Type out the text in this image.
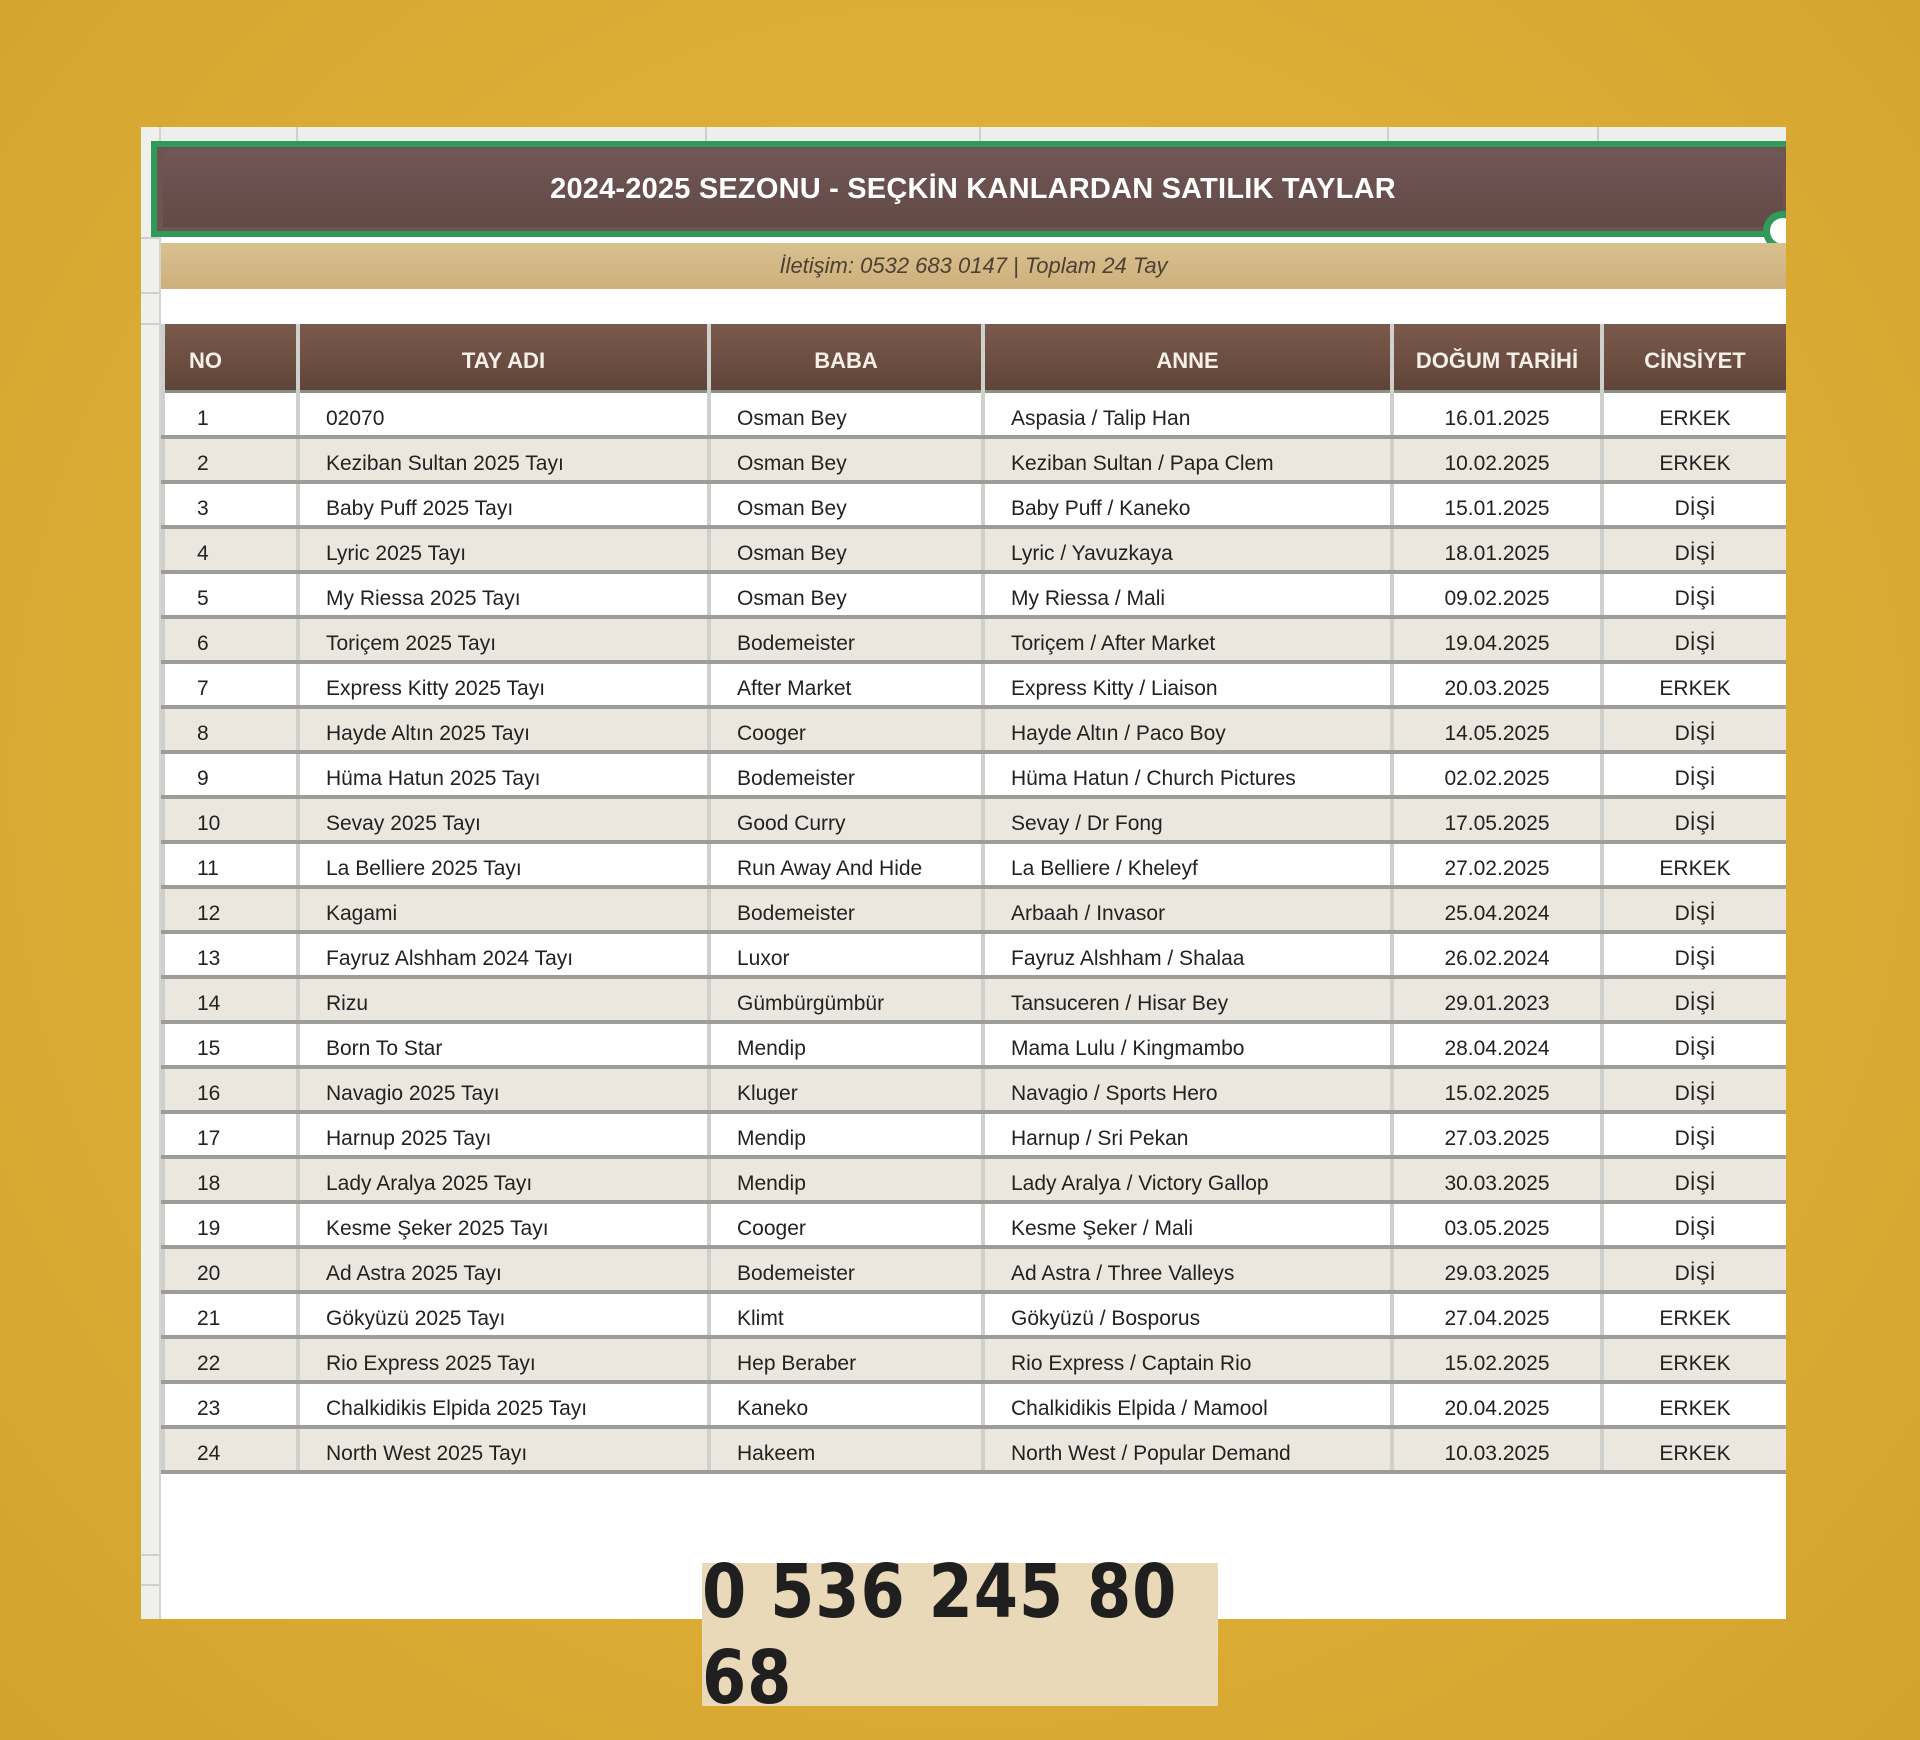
2024-2025 SEZONU - SEÇKİN KANLARDAN SATILIK TAYLAR
İletişim: 0532 683 0147 | Toplam 24 Tay
NO	TAY ADI	BABA	ANNE	DOĞUM TARİHİ	CİNSİYET
1	02070	Osman Bey	Aspasia / Talip Han	16.01.2025	ERKEK
2	Keziban Sultan 2025 Tayı	Osman Bey	Keziban Sultan / Papa Clem	10.02.2025	ERKEK
3	Baby Puff 2025 Tayı	Osman Bey	Baby Puff / Kaneko	15.01.2025	DİŞİ
4	Lyric 2025 Tayı	Osman Bey	Lyric / Yavuzkaya	18.01.2025	DİŞİ
5	My Riessa 2025 Tayı	Osman Bey	My Riessa / Mali	09.02.2025	DİŞİ
6	Toriçem 2025 Tayı	Bodemeister	Toriçem / After Market	19.04.2025	DİŞİ
7	Express Kitty 2025 Tayı	After Market	Express Kitty / Liaison	20.03.2025	ERKEK
8	Hayde Altın 2025 Tayı	Cooger	Hayde Altın / Paco Boy	14.05.2025	DİŞİ
9	Hüma Hatun 2025 Tayı	Bodemeister	Hüma Hatun / Church Pictures	02.02.2025	DİŞİ
10	Sevay 2025 Tayı	Good Curry	Sevay / Dr Fong	17.05.2025	DİŞİ
11	La Belliere 2025 Tayı	Run Away And Hide	La Belliere / Kheleyf	27.02.2025	ERKEK
12	Kagami	Bodemeister	Arbaah / Invasor	25.04.2024	DİŞİ
13	Fayruz Alshham 2024 Tayı	Luxor	Fayruz Alshham / Shalaa	26.02.2024	DİŞİ
14	Rizu	Gümbürgümbür	Tansuceren / Hisar Bey	29.01.2023	DİŞİ
15	Born To Star	Mendip	Mama Lulu / Kingmambo	28.04.2024	DİŞİ
16	Navagio 2025 Tayı	Kluger	Navagio / Sports Hero	15.02.2025	DİŞİ
17	Harnup 2025 Tayı	Mendip	Harnup / Sri Pekan	27.03.2025	DİŞİ
18	Lady Aralya 2025 Tayı	Mendip	Lady Aralya / Victory Gallop	30.03.2025	DİŞİ
19	Kesme Şeker 2025 Tayı	Cooger	Kesme Şeker / Mali	03.05.2025	DİŞİ
20	Ad Astra 2025 Tayı	Bodemeister	Ad Astra / Three Valleys	29.03.2025	DİŞİ
21	Gökyüzü 2025 Tayı	Klimt	Gökyüzü / Bosporus	27.04.2025	ERKEK
22	Rio Express 2025 Tayı	Hep Beraber	Rio Express / Captain Rio	15.02.2025	ERKEK
23	Chalkidikis Elpida 2025 Tayı	Kaneko	Chalkidikis Elpida / Mamool	20.04.2025	ERKEK
24	North West 2025 Tayı	Hakeem	North West / Popular Demand	10.03.2025	ERKEK
0 536 245 80 68
